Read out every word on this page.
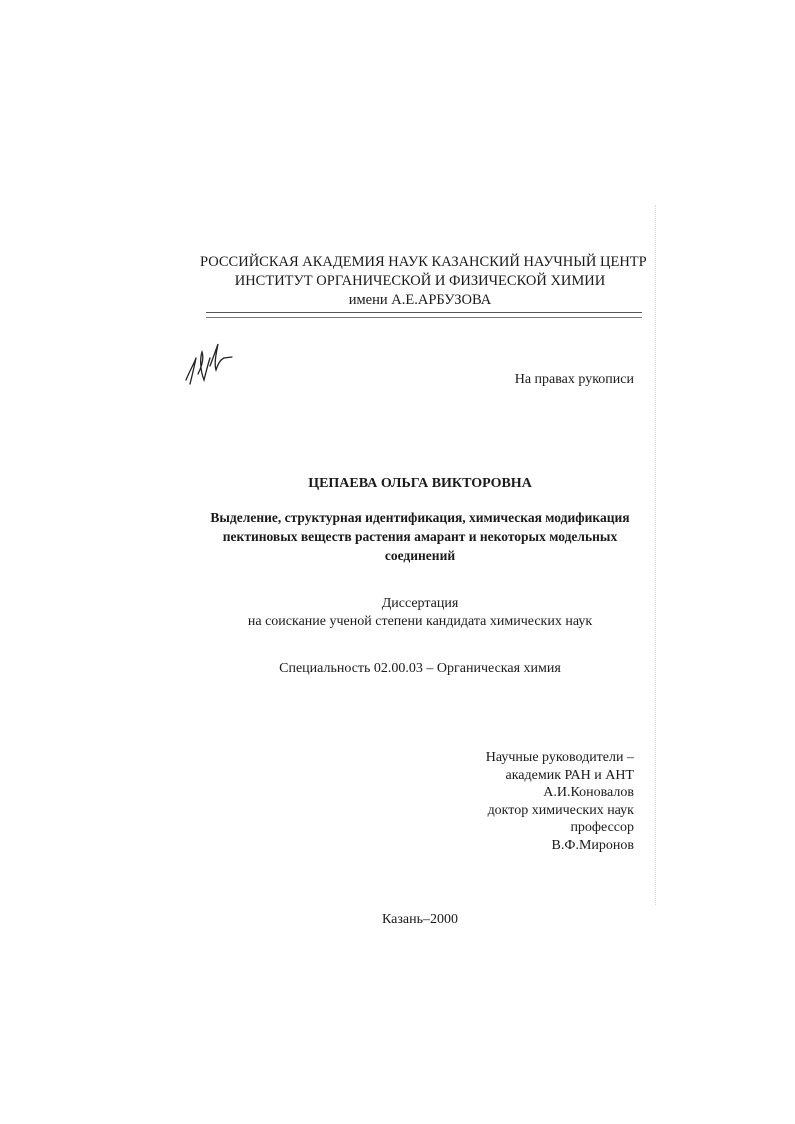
РОССИЙСКАЯ АКАДЕМИЯ НАУК КАЗАНСКИЙ НАУЧНЫЙ ЦЕНТР
ИНСТИТУТ ОРГАНИЧЕСКОЙ И ФИЗИЧЕСКОЙ ХИМИИ
имени А.Е.АРБУЗОВА
На правах рукописи
ЦЕПАЕВА ОЛЬГА ВИКТОРОВНА
Выделение, структурная идентификация, химическая модификация
пектиновых веществ растения амарант и некоторых модельных
соединений
Диссертация
на соискание ученой степени кандидата химических наук
Специальность 02.00.03 – Органическая химия
Научные руководители –
академик РАН и АНТ
А.И.Коновалов
доктор химических наук
профессор
В.Ф.Миронов
Казань–2000
